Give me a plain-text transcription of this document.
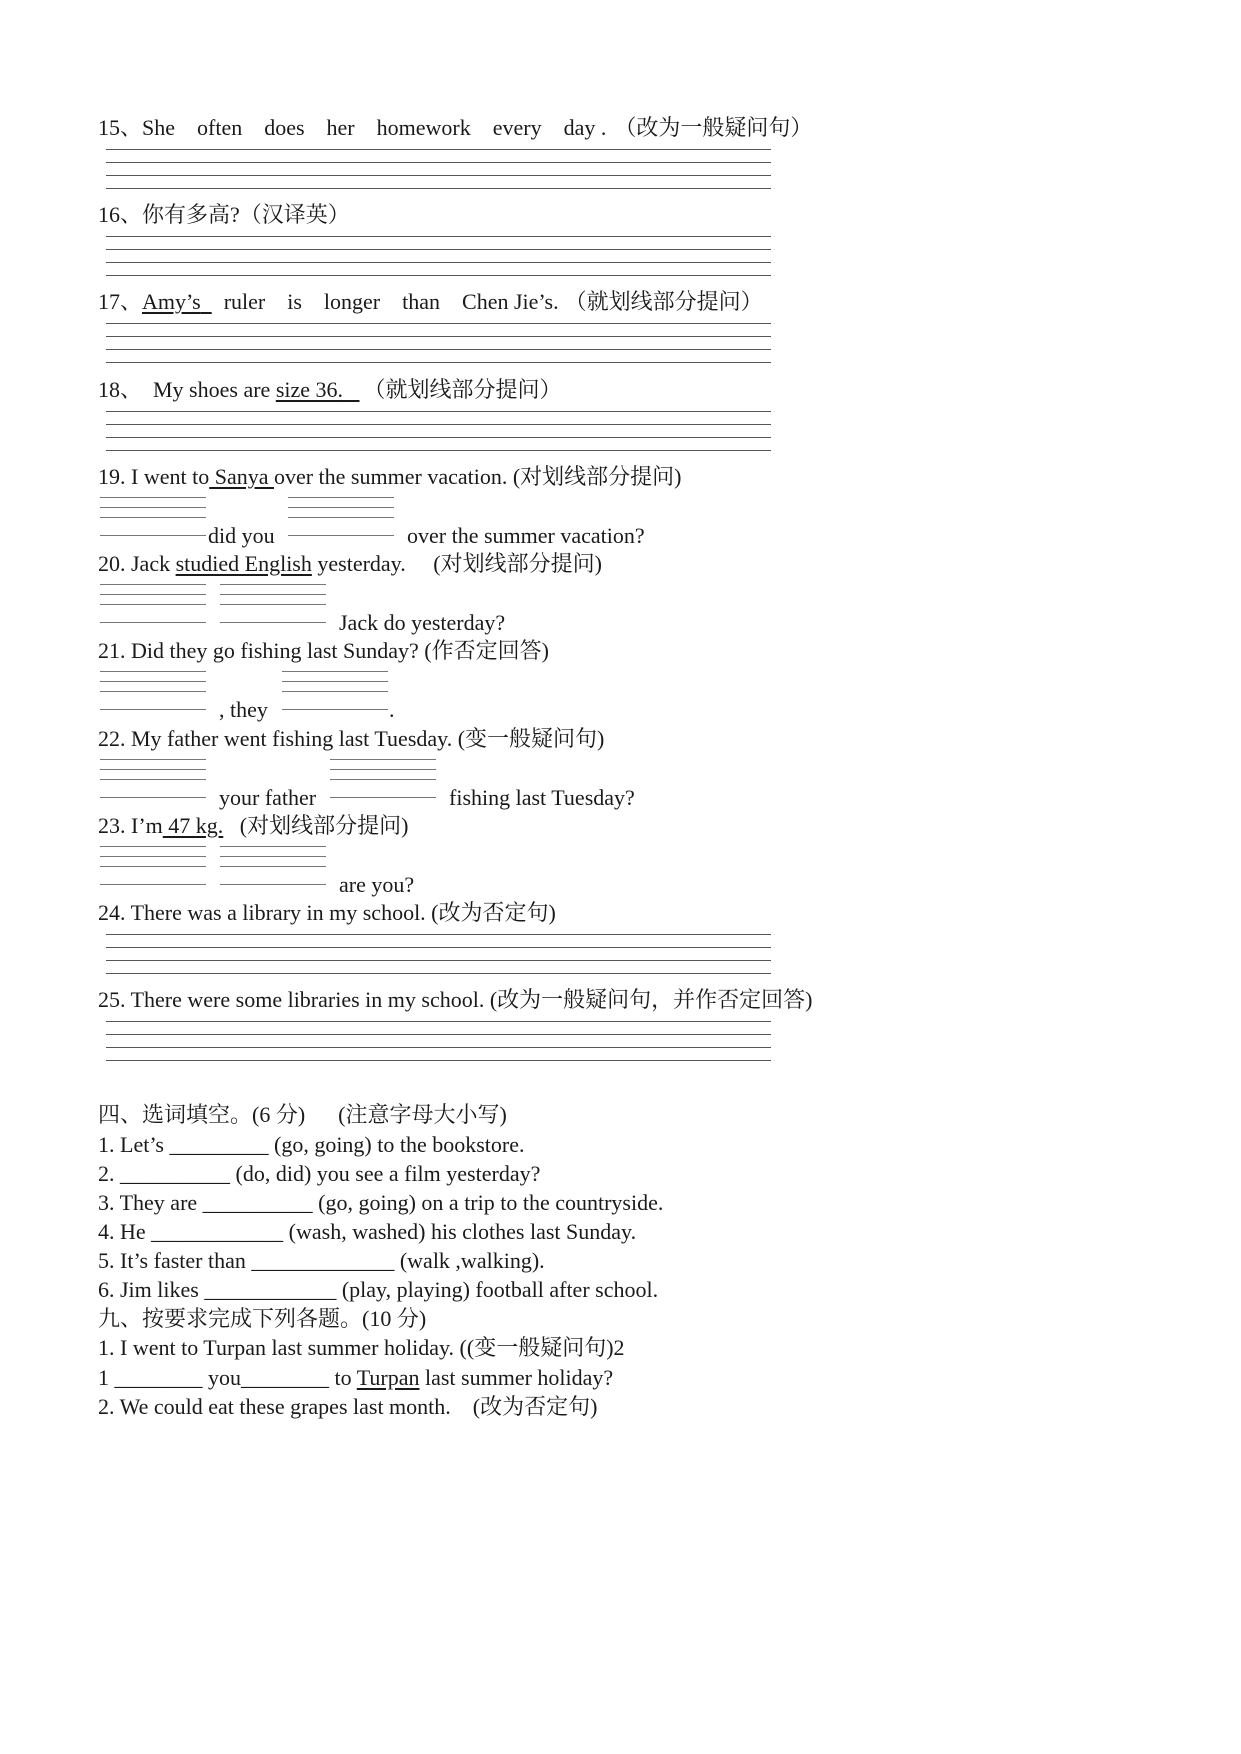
15、She often does her homework every day . （改为一般疑问句）
16、你有多高?（汉译英）
17、Amy’s ruler is longer than Chen Jie’s. （就划线部分提问）
18、  My shoes are size 36. （就划线部分提问）
19. I went to Sanya over the summer vacation. (对划线部分提问)
did you	over the summer vacation?
20. Jack studied English yesterday.     (对划线部分提问)
Jack do yesterday?
21. Did they go fishing last Sunday? (作否定回答)
, they	.
22. My father went fishing last Tuesday. (变一般疑问句)
your father	fishing last Tuesday?
23. I’m 47 kg.   (对划线部分提问)
are you?
24. There was a library in my school. (改为否定句)
25. There were some libraries in my school. (改为一般疑问句，并作否定回答)
四、选词填空。(6 分)      (注意字母大小写)
1. Let’s _________ (go, going) to the bookstore.
2. __________ (do, did) you see a film yesterday?
3. They are __________ (go, going) on a trip to the countryside.
4. He ____________ (wash, washed) his clothes last Sunday.
5. It’s faster than _____________ (walk ,walking).
6. Jim likes ____________ (play, playing) football after school.
九、按要求完成下列各题。(10 分)
1. I went to Turpan last summer holiday. ((变一般疑问句)2
1 ________ you________ to Turpan last summer holiday?
2. We could eat these grapes last month.    (改为否定句)
